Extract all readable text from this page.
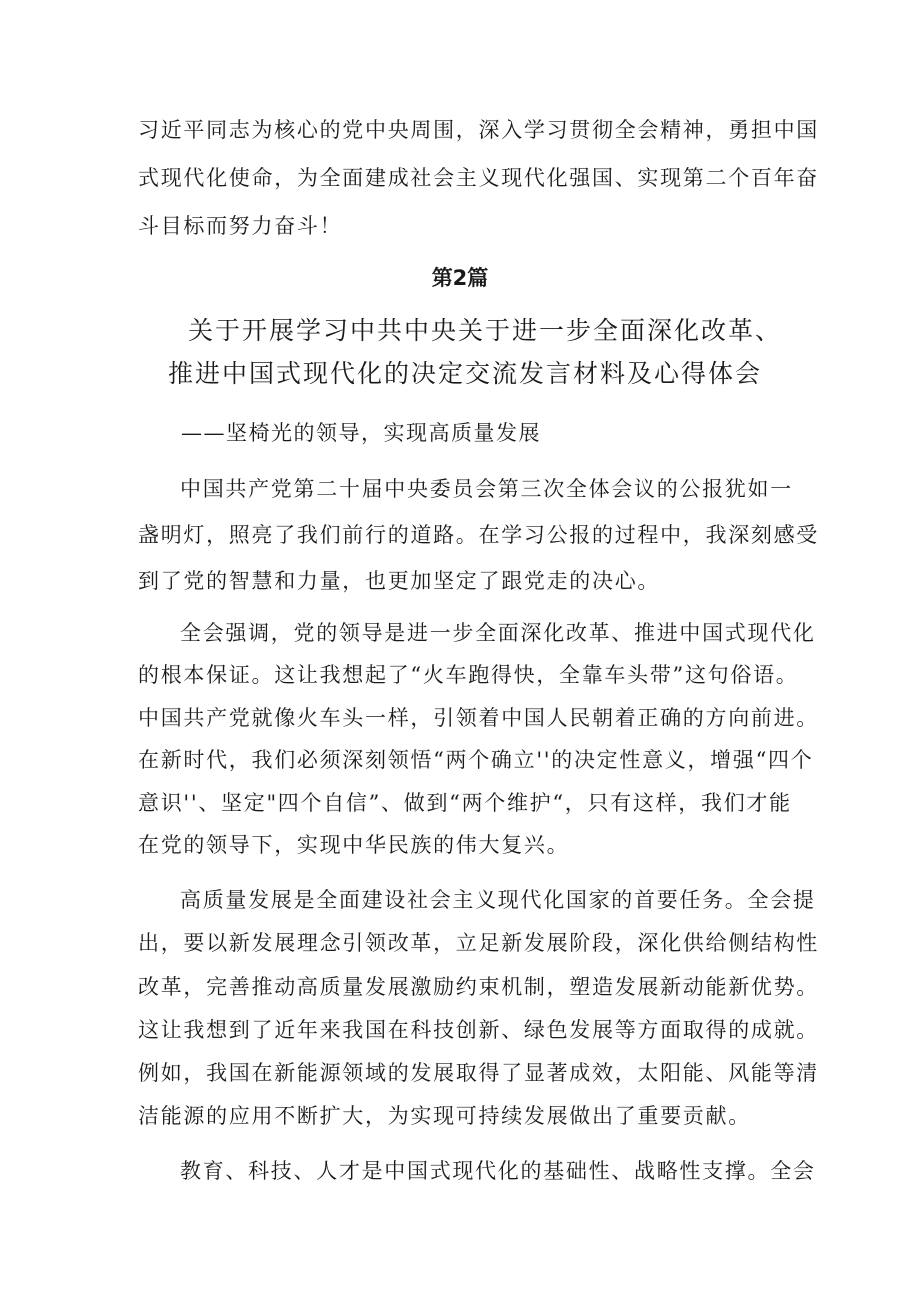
习近平同志为核心的党中央周围，深入学习贯彻全会精神，勇担中国
式现代化使命，为全面建成社会主义现代化强国、实现第二个百年奋
斗目标而努力奋斗！
第2篇
关于开展学习中共中央关于进一步全面深化改革、
推进中国式现代化的决定交流发言材料及心得体会
——坚椅光的领导，实现高质量发展
中国共产党第二十届中央委员会第三次全体会议的公报犹如一
盏明灯，照亮了我们前行的道路。在学习公报的过程中，我深刻感受
到了党的智慧和力量，也更加坚定了跟党走的决心。
全会强调，党的领导是进一步全面深化改革、推进中国式现代化
的根本保证。这让我想起了“火车跑得快，全靠车头带”这句俗语。
中国共产党就像火车头一样，引领着中国人民朝着正确的方向前进。
在新时代，我们必须深刻领悟“两个确立''的决定性意义，增强“四个
意识''、坚定"四个自信”、做到“两个维护“，只有这样，我们才能
在党的领导下，实现中华民族的伟大复兴。
高质量发展是全面建设社会主义现代化国家的首要任务。全会提
出，要以新发展理念引领改革，立足新发展阶段，深化供给侧结构性
改革，完善推动高质量发展激励约束机制，塑造发展新动能新优势。
这让我想到了近年来我国在科技创新、绿色发展等方面取得的成就。
例如，我国在新能源领域的发展取得了显著成效，太阳能、风能等清
洁能源的应用不断扩大，为实现可持续发展做出了重要贡献。
教育、科技、人才是中国式现代化的基础性、战略性支撑。全会
